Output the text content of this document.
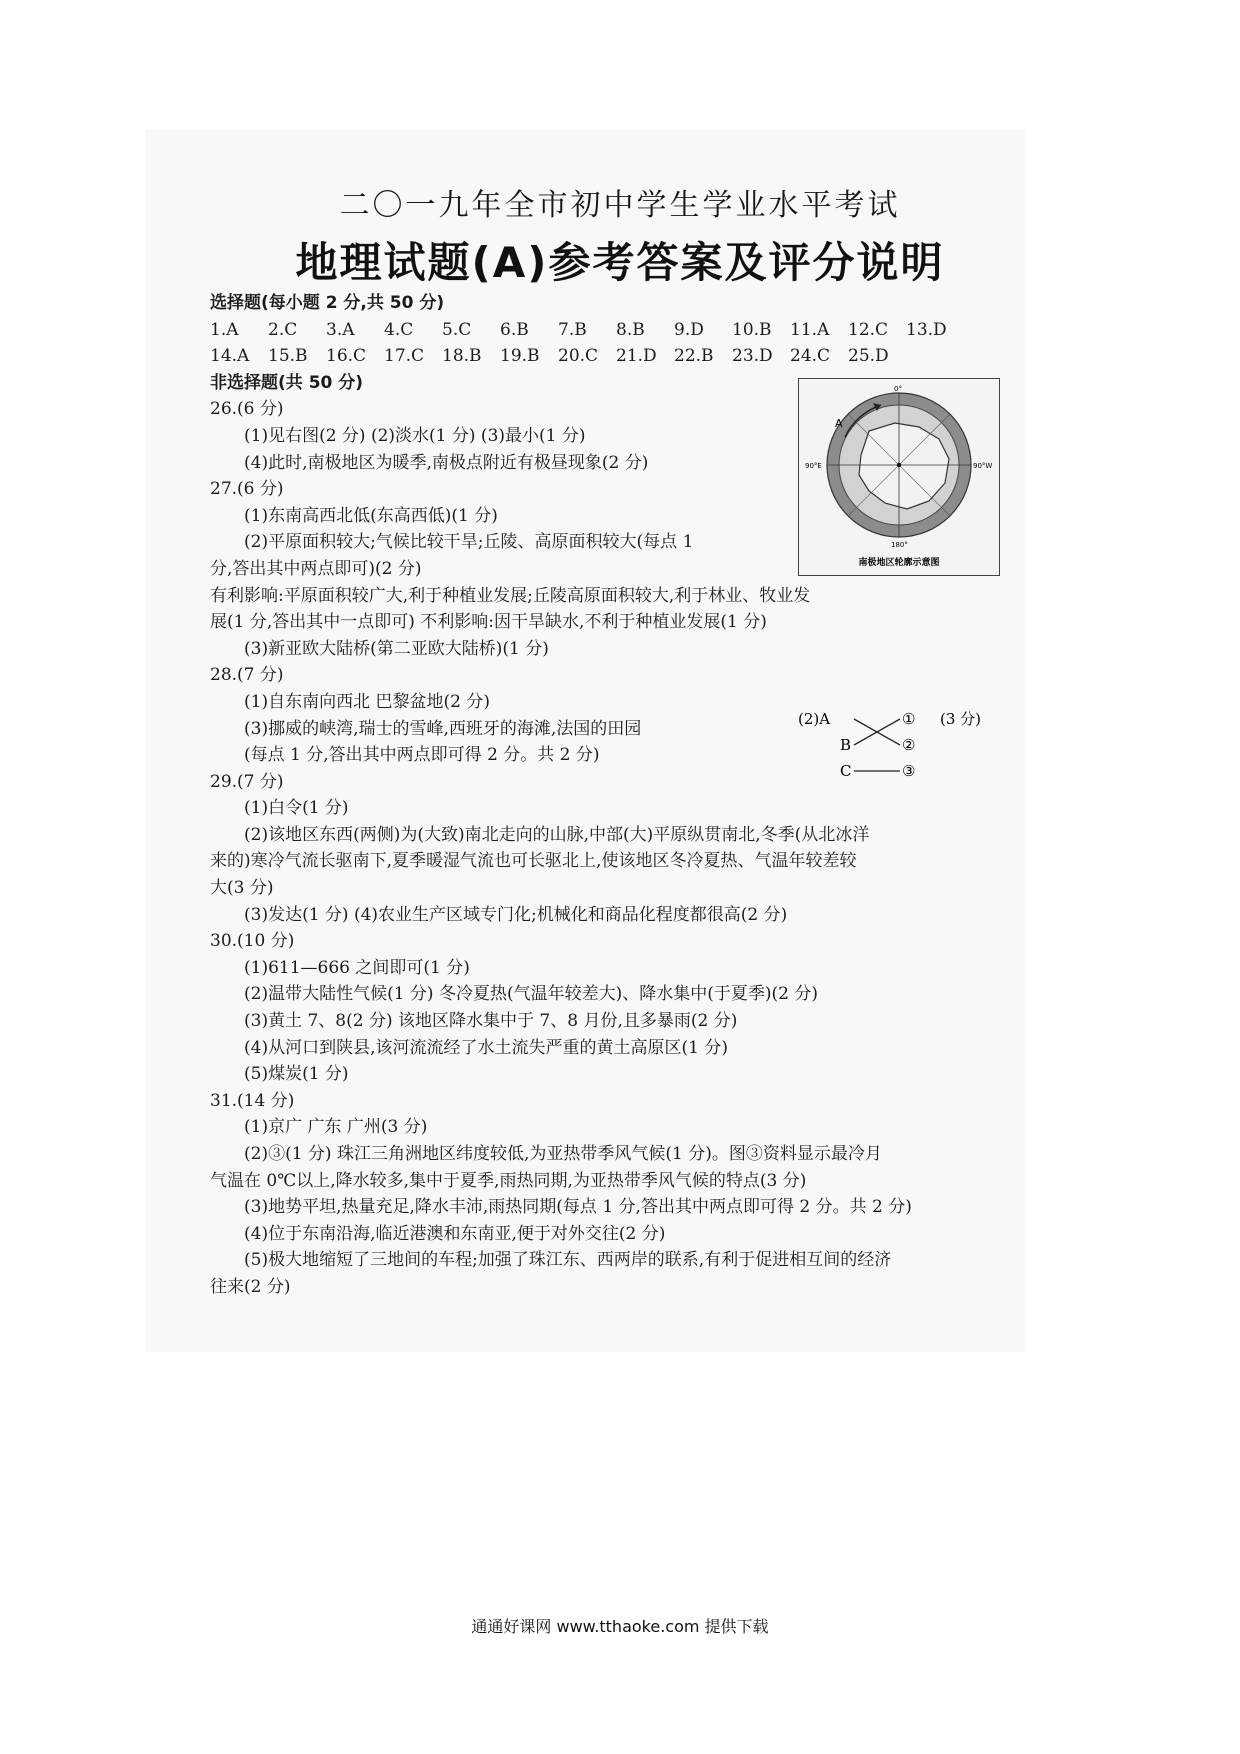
二〇一九年全市初中学生学业水平考试
地理试题(A)参考答案及评分说明
选择题(每小题 2 分,共 50 分)
1.A	2.C	3.A	4.C	5.C	6.B	7.B	8.B	9.D	10.B	11.A	12.C	13.D
14.A	15.B	16.C	17.C	18.B	19.B	20.C	21.D	22.B	23.D	24.C	25.D
非选择题(共 50 分)
26.(6 分)
(1)见右图(2 分) (2)淡水(1 分) (3)最小(1 分)
(4)此时,南极地区为暖季,南极点附近有极昼现象(2 分)
27.(6 分)
(1)东南高西北低(东高西低)(1 分)
(2)平原面积较大;气候比较干旱;丘陵、高原面积较大(每点 1
分,答出其中两点即可)(2 分)
有利影响:平原面积较广大,利于种植业发展;丘陵高原面积较大,利于林业、牧业发
展(1 分,答出其中一点即可) 不利影响:因干旱缺水,不利于种植业发展(1 分)
(3)新亚欧大陆桥(第二亚欧大陆桥)(1 分)
28.(7 分)
(1)自东南向西北 巴黎盆地(2 分)
(3)挪威的峡湾,瑞士的雪峰,西班牙的海滩,法国的田园
(每点 1 分,答出其中两点即可得 2 分。共 2 分)
29.(7 分)
(1)白令(1 分)
(2)该地区东西(两侧)为(大致)南北走向的山脉,中部(大)平原纵贯南北,冬季(从北冰洋
来的)寒冷气流长驱南下,夏季暖湿气流也可长驱北上,使该地区冬冷夏热、气温年较差较
大(3 分)
(3)发达(1 分) (4)农业生产区域专门化;机械化和商品化程度都很高(2 分)
30.(10 分)
(1)611—666 之间即可(1 分)
(2)温带大陆性气候(1 分) 冬冷夏热(气温年较差大)、降水集中(于夏季)(2 分)
(3)黄土 7、8(2 分) 该地区降水集中于 7、8 月份,且多暴雨(2 分)
(4)从河口到陕县,该河流流经了水土流失严重的黄土高原区(1 分)
(5)煤炭(1 分)
31.(14 分)
(1)京广 广东 广州(3 分)
(2)③(1 分) 珠江三角洲地区纬度较低,为亚热带季风气候(1 分)。图③资料显示最冷月
气温在 0℃以上,降水较多,集中于夏季,雨热同期,为亚热带季风气候的特点(3 分)
(3)地势平坦,热量充足,降水丰沛,雨热同期(每点 1 分,答出其中两点即可得 2 分。共 2 分)
(4)位于东南沿海,临近港澳和东南亚,便于对外交往(2 分)
(5)极大地缩短了三地间的车程;加强了珠江东、西两岸的联系,有利于促进相互间的经济
往来(2 分)
A
0°
180°
90°E	90°W
南极地区轮廓示意图
(2)A
B
C
①
②
③
(3 分)
通通好课网 www.tthaoke.com 提供下载
